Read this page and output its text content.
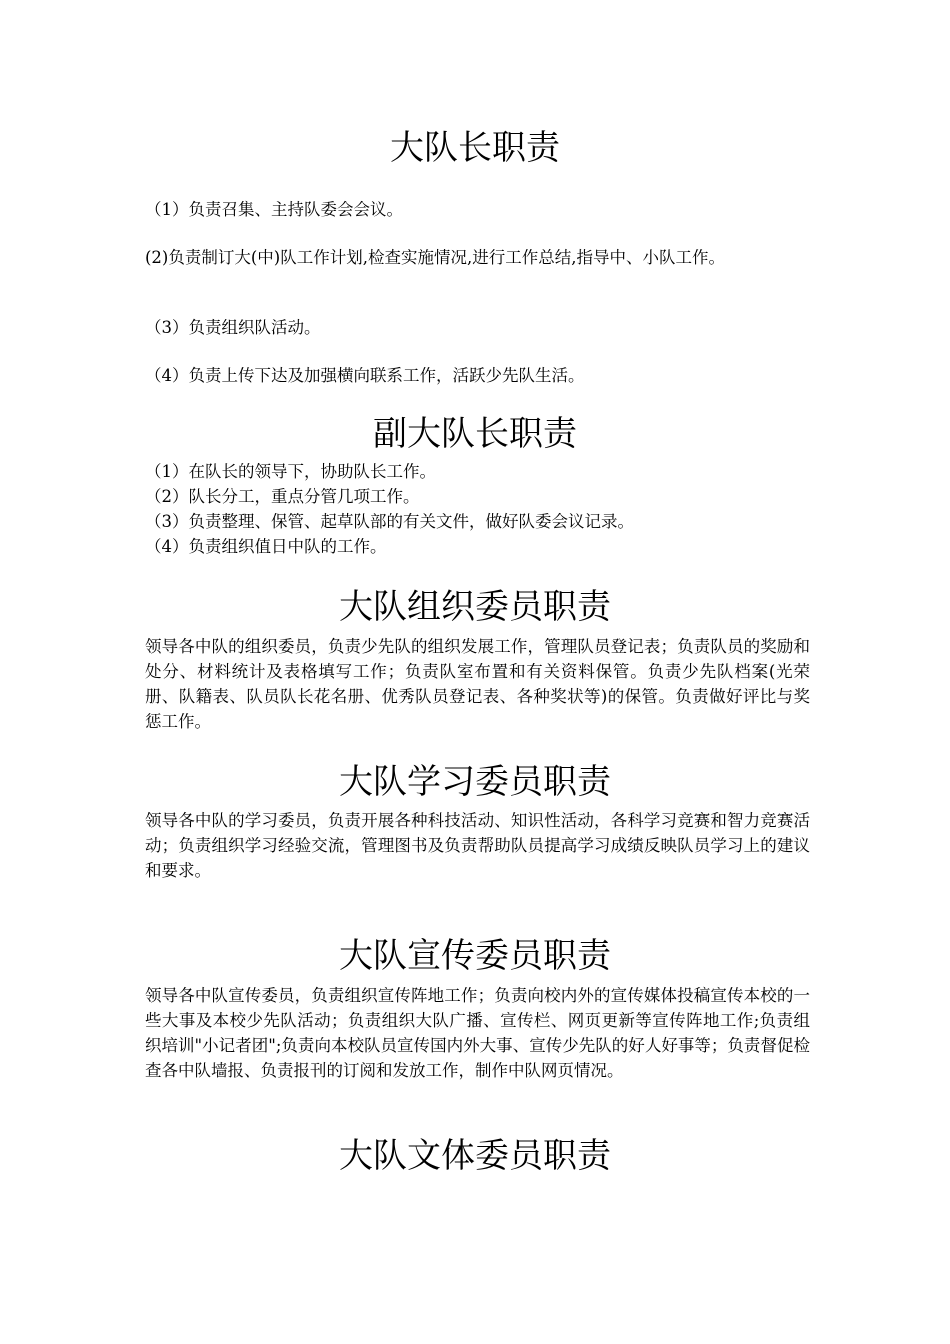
大队长职责

（1）负责召集、主持队委会会议。

(2)负责制订大(中)队工作计划,检查实施情况,进行工作总结,指导中、小队工作。

（3）负责组织队活动。

（4）负责上传下达及加强横向联系工作，活跃少先队生活。

副大队长职责

（1）在队长的领导下，协助队长工作。

（2）队长分工，重点分管几项工作。

（3）负责整理、保管、起草队部的有关文件，做好队委会议记录。

（4）负责组织值日中队的工作。

大队组织委员职责

领导各中队的组织委员，负责少先队的组织发展工作，管理队员登记表；负责队员的奖励和处分、材料统计及表格填写工作；负责队室布置和有关资料保管。负责少先队档案(光荣册、队籍表、队员队长花名册、优秀队员登记表、各种奖状等)的保管。负责做好评比与奖惩工作。

大队学习委员职责

领导各中队的学习委员，负责开展各种科技活动、知识性活动，各科学习竞赛和智力竞赛活动；负责组织学习经验交流，管理图书及负责帮助队员提高学习成绩反映队员学习上的建议和要求。

大队宣传委员职责

领导各中队宣传委员，负责组织宣传阵地工作；负责向校内外的宣传媒体投稿宣传本校的一些大事及本校少先队活动；负责组织大队广播、宣传栏、网页更新等宣传阵地工作;负责组织培训"小记者团";负责向本校队员宣传国内外大事、宣传少先队的好人好事等；负责督促检查各中队墙报、负责报刊的订阅和发放工作，制作中队网页情况。

大队文体委员职责
